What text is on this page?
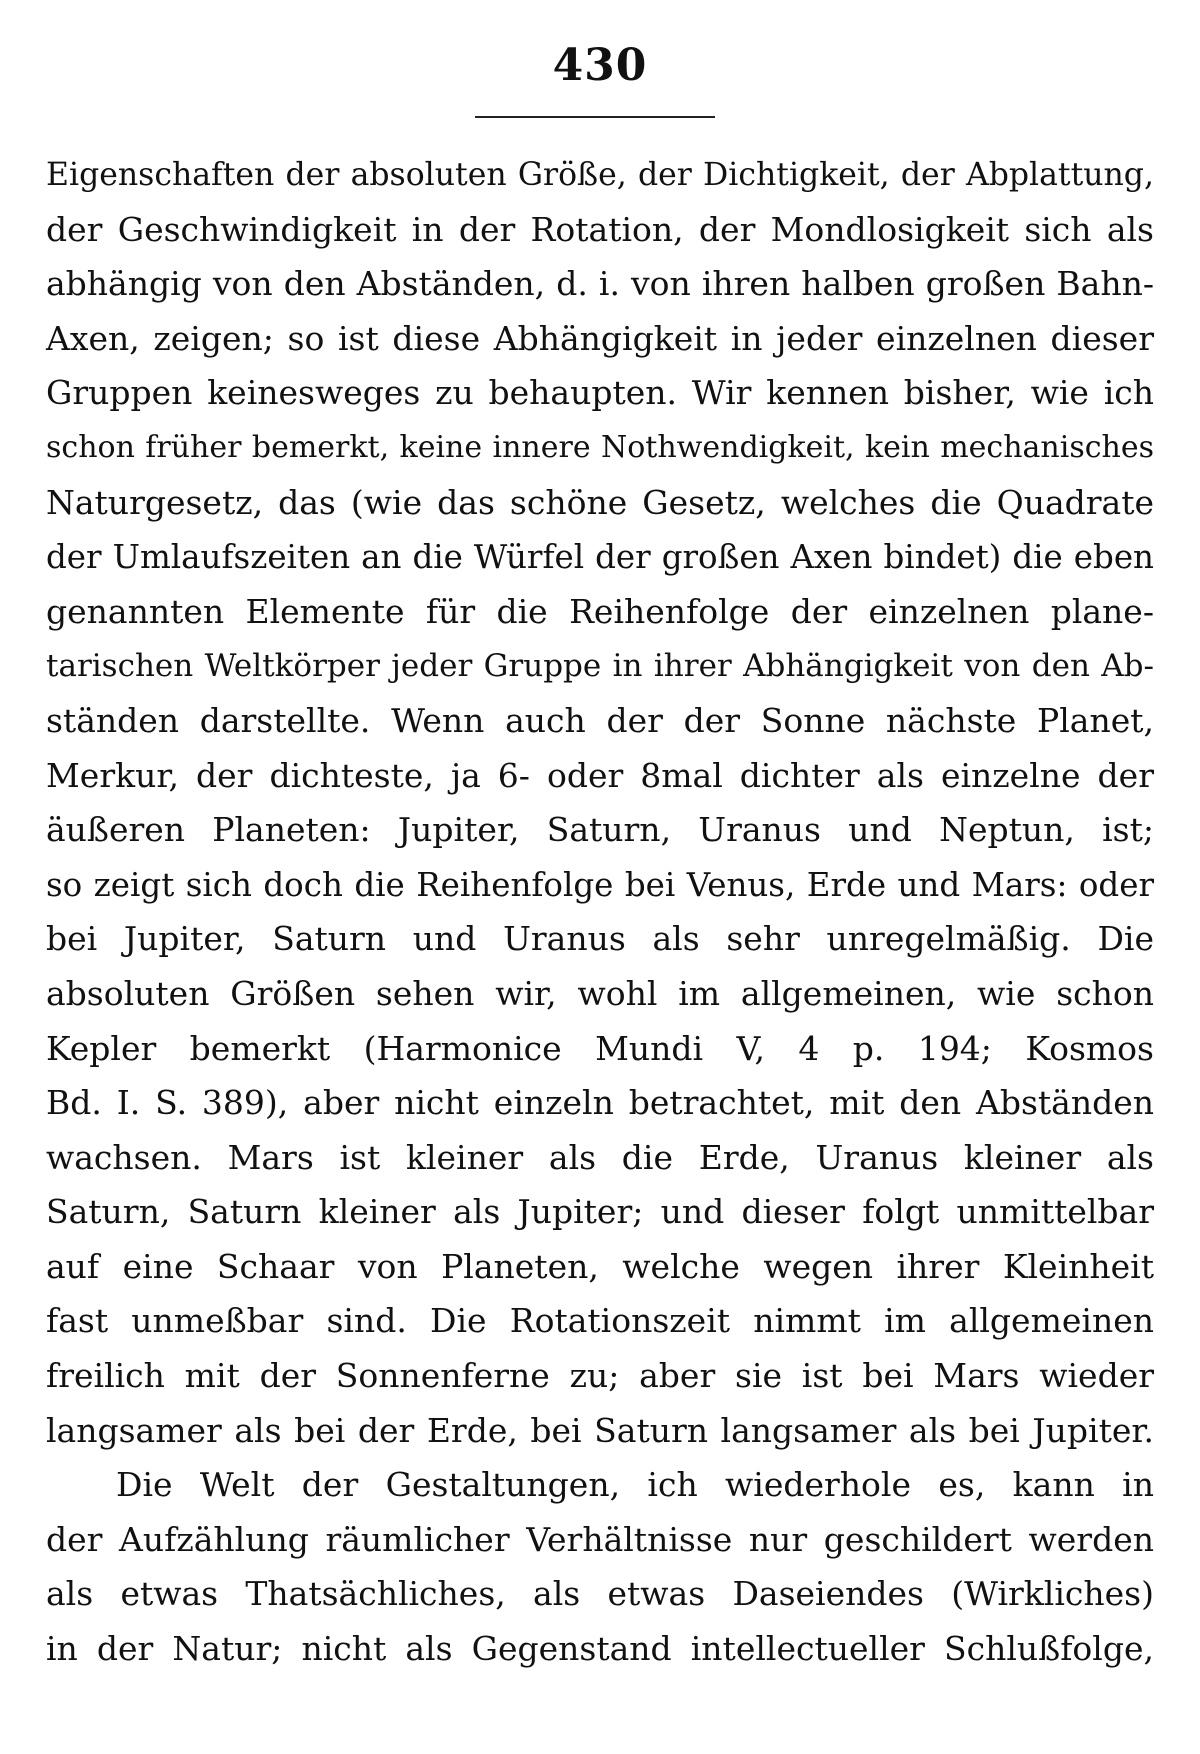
430
Eigenschaften der absoluten Größe, der Dichtigkeit, der Abplattung,
der Geschwindigkeit in der Rotation, der Mondlosigkeit sich als
abhängig von den Abständen, d. i. von ihren halben großen Bahn-
Axen, zeigen; so ist diese Abhängigkeit in jeder einzelnen dieser
Gruppen keinesweges zu behaupten. Wir kennen bisher, wie ich
schon früher bemerkt, keine innere Nothwendigkeit, kein mechanisches
Naturgesetz, das (wie das schöne Gesetz, welches die Quadrate
der Umlaufszeiten an die Würfel der großen Axen bindet) die eben
genannten Elemente für die Reihenfolge der einzelnen plane-
tarischen Weltkörper jeder Gruppe in ihrer Abhängigkeit von den Ab-
ständen darstellte. Wenn auch der der Sonne nächste Planet,
Merkur, der dichteste, ja 6- oder 8mal dichter als einzelne der
äußeren Planeten: Jupiter, Saturn, Uranus und Neptun, ist;
so zeigt sich doch die Reihenfolge bei Venus, Erde und Mars: oder
bei Jupiter, Saturn und Uranus als sehr unregelmäßig. Die
absoluten Größen sehen wir, wohl im allgemeinen, wie schon
Kepler bemerkt (Harmonice Mundi V, 4 p. 194; Kosmos
Bd. I. S. 389), aber nicht einzeln betrachtet, mit den Abständen
wachsen. Mars ist kleiner als die Erde, Uranus kleiner als
Saturn, Saturn kleiner als Jupiter; und dieser folgt unmittelbar
auf eine Schaar von Planeten, welche wegen ihrer Kleinheit
fast unmeßbar sind. Die Rotationszeit nimmt im allgemeinen
freilich mit der Sonnenferne zu; aber sie ist bei Mars wieder
langsamer als bei der Erde, bei Saturn langsamer als bei Jupiter.
Die Welt der Gestaltungen, ich wiederhole es, kann in
der Aufzählung räumlicher Verhältnisse nur geschildert werden
als etwas Thatsächliches, als etwas Daseiendes (Wirkliches)
in der Natur; nicht als Gegenstand intellectueller Schlußfolge,
